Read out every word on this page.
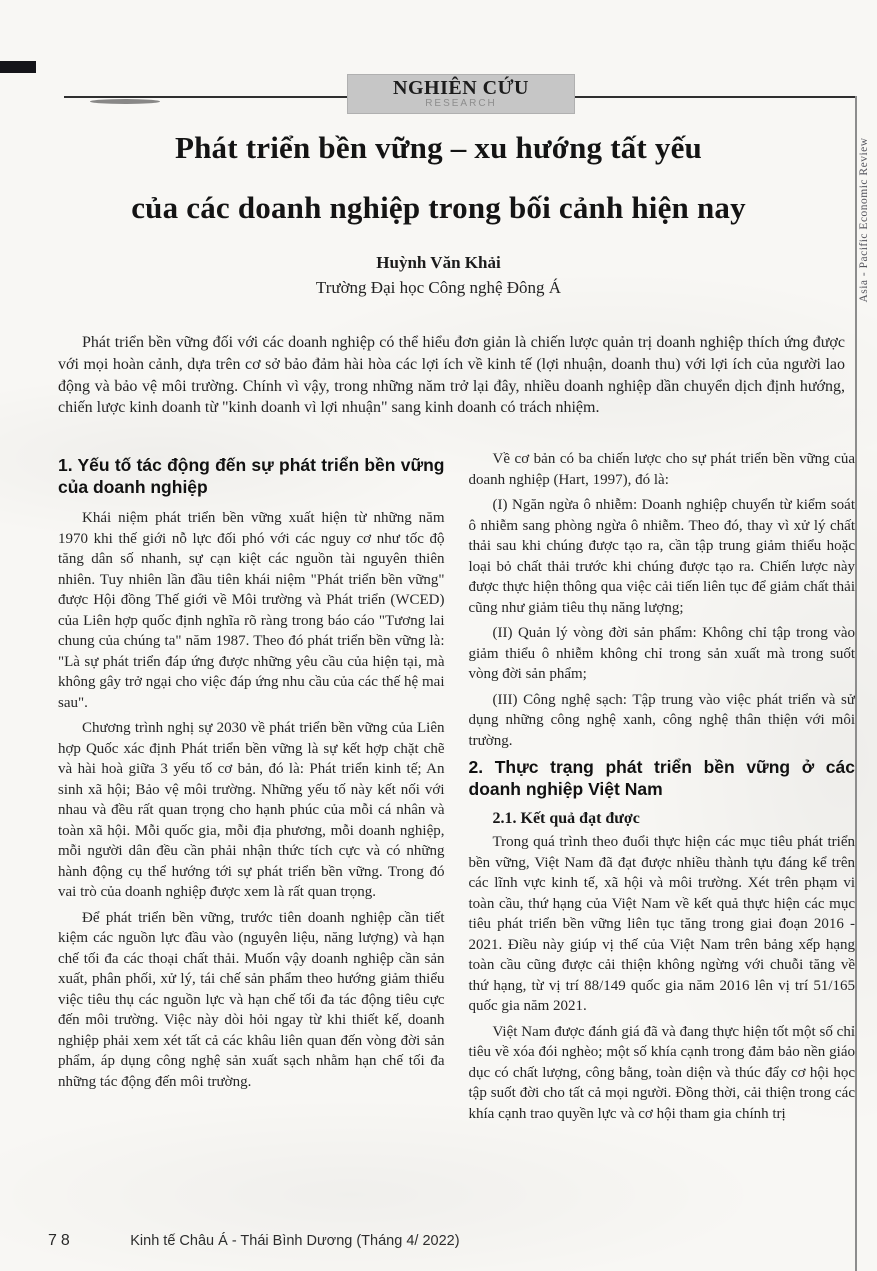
NGHIÊN CỨU
RESEARCH
Asia - Pacific Economic Review
Phát triển bền vững – xu hướng tất yếu
của các doanh nghiệp trong bối cảnh hiện nay
Huỳnh Văn Khải
Trường Đại học Công nghệ Đông Á

Phát triển bền vững đối với các doanh nghiệp có thể hiểu đơn giản là chiến lược quản trị doanh nghiệp thích ứng được với mọi hoàn cảnh, dựa trên cơ sở bảo đảm hài hòa các lợi ích về kinh tế (lợi nhuận, doanh thu) với lợi ích của người lao động và bảo vệ môi trường. Chính vì vậy, trong những năm trở lại đây, nhiều doanh nghiệp dần chuyển dịch định hướng, chiến lược kinh doanh từ "kinh doanh vì lợi nhuận" sang kinh doanh có trách nhiệm.

1. Yếu tố tác động đến sự phát triển bền vững của doanh nghiệp

Khái niệm phát triển bền vững xuất hiện từ những năm 1970 khi thế giới nỗ lực đối phó với các nguy cơ như tốc độ tăng dân số nhanh, sự cạn kiệt các nguồn tài nguyên thiên nhiên. Tuy nhiên lần đầu tiên khái niệm "Phát triển bền vững" được Hội đồng Thế giới về Môi trường và Phát triển (WCED) của Liên hợp quốc định nghĩa rõ ràng trong báo cáo "Tương lai chung của chúng ta" năm 1987. Theo đó phát triển bền vững là: "Là sự phát triển đáp ứng được những yêu cầu của hiện tại, mà không gây trở ngại cho việc đáp ứng nhu cầu của các thế hệ mai sau".

Chương trình nghị sự 2030 về phát triển bền vững của Liên hợp Quốc xác định Phát triển bền vững là sự kết hợp chặt chẽ và hài hoà giữa 3 yếu tố cơ bản, đó là: Phát triển kinh tế; An sinh xã hội; Bảo vệ môi trường. Những yếu tố này kết nối với nhau và đều rất quan trọng cho hạnh phúc của mỗi cá nhân và toàn xã hội. Mỗi quốc gia, mỗi địa phương, mỗi doanh nghiệp, mỗi người dân đều cần phải nhận thức tích cực và có những hành động cụ thể hướng tới sự phát triển bền vững. Trong đó vai trò của doanh nghiệp được xem là rất quan trọng.

Để phát triển bền vững, trước tiên doanh nghiệp cần tiết kiệm các nguồn lực đầu vào (nguyên liệu, năng lượng) và hạn chế tối đa các thoại chất thải. Muốn vậy doanh nghiệp cần sản xuất, phân phối, xử lý, tái chế sản phẩm theo hướng giảm thiểu việc tiêu thụ các nguồn lực và hạn chế tối đa tác động tiêu cực đến môi trường. Việc này dòi hỏi ngay từ khi thiết kế, doanh nghiệp phải xem xét tất cả các khâu liên quan đến vòng đời sản phẩm, áp dụng công nghệ sản xuất sạch nhằm hạn chế tối đa những tác động đến môi trường.

Về cơ bản có ba chiến lược cho sự phát triển bền vững của doanh nghiệp (Hart, 1997), đó là:

(I) Ngăn ngừa ô nhiễm: Doanh nghiệp chuyển từ kiểm soát ô nhiễm sang phòng ngừa ô nhiễm. Theo đó, thay vì xử lý chất thải sau khi chúng được tạo ra, cần tập trung giảm thiểu hoặc loại bỏ chất thải trước khi chúng được tạo ra. Chiến lược này được thực hiện thông qua việc cải tiến liên tục để giảm chất thải cũng như giảm tiêu thụ năng lượng;

(II) Quản lý vòng đời sản phẩm: Không chỉ tập trong vào giảm thiểu ô nhiễm không chỉ trong sản xuất mà trong suốt vòng đời sản phẩm;

(III) Công nghệ sạch: Tập trung vào việc phát triển và sử dụng những công nghệ xanh, công nghệ thân thiện với môi trường.

2. Thực trạng phát triển bền vững ở các doanh nghiệp Việt Nam
2.1. Kết quả đạt được

Trong quá trình theo đuổi thực hiện các mục tiêu phát triển bền vững, Việt Nam đã đạt được nhiều thành tựu đáng kể trên các lĩnh vực kinh tế, xã hội và môi trường. Xét trên phạm vi toàn cầu, thứ hạng của Việt Nam về kết quả thực hiện các mục tiêu phát triển bền vững liên tục tăng trong giai đoạn 2016 - 2021. Điều này giúp vị thế của Việt Nam trên bảng xếp hạng toàn cầu cũng được cải thiện không ngừng với chuỗi tăng về thứ hạng, từ vị trí 88/149 quốc gia năm 2016 lên vị trí 51/165 quốc gia năm 2021.

Việt Nam được đánh giá đã và đang thực hiện tốt một số chỉ tiêu về xóa đói nghèo; một số khía cạnh trong đảm bảo nền giáo dục có chất lượng, công bằng, toàn diện và thúc đẩy cơ hội học tập suốt đời cho tất cả mọi người. Đồng thời, cải thiện trong các khía cạnh trao quyền lực và cơ hội tham gia chính trị

78	Kinh tế Châu Á - Thái Bình Dương (Tháng 4/ 2022)
